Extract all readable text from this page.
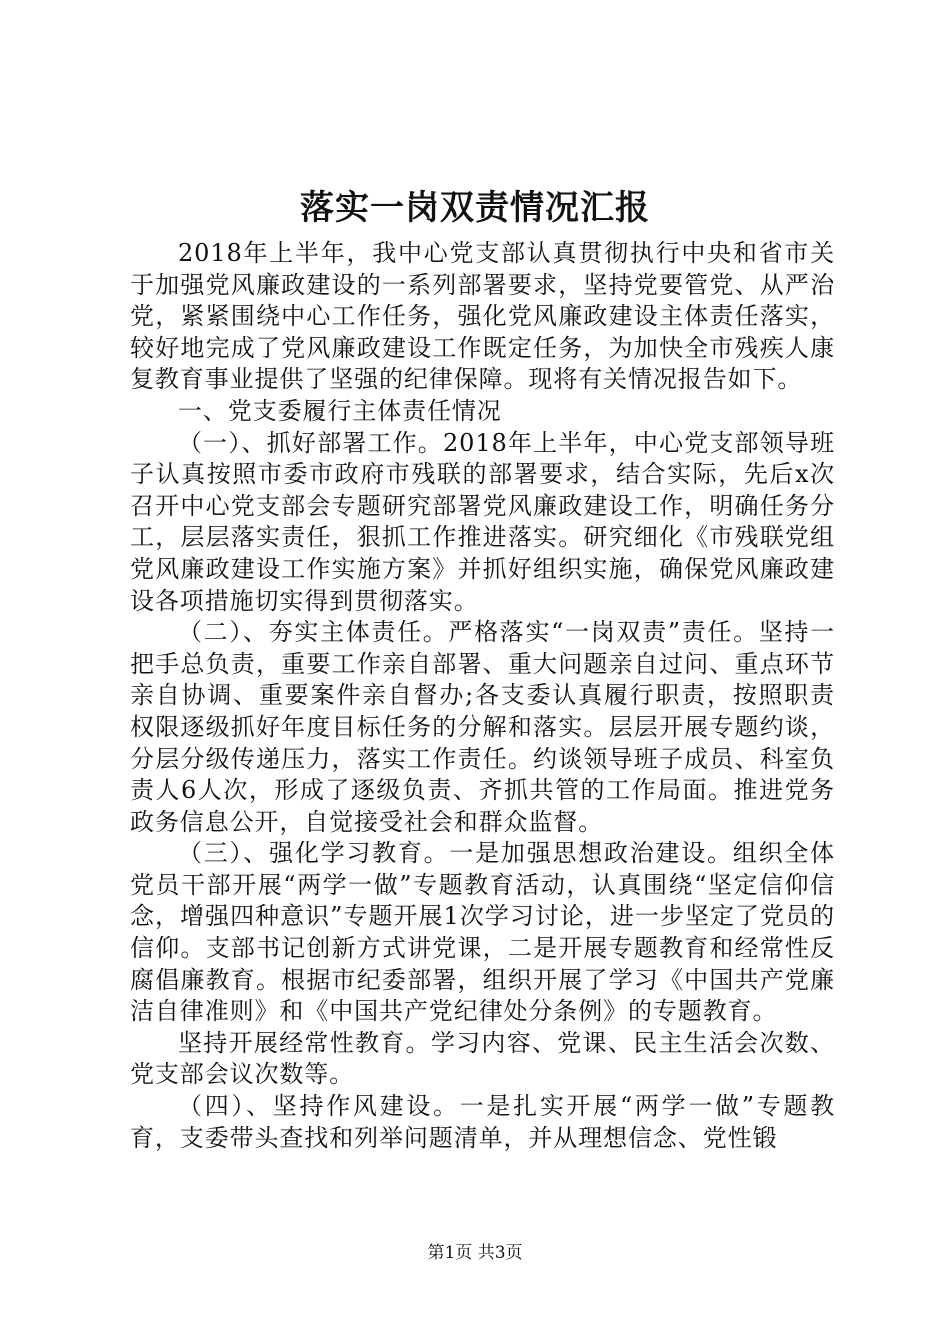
落实一岗双责情况汇报

2018年上半年，我中心党支部认真贯彻执行中央和省市关于加强党风廉政建设的一系列部署要求，坚持党要管党、从严治党，紧紧围绕中心工作任务，强化党风廉政建设主体责任落实，较好地完成了党风廉政建设工作既定任务，为加快全市残疾人康复教育事业提供了坚强的纪律保障。现将有关情况报告如下。

一、党支委履行主体责任情况

（一）、抓好部署工作。2018年上半年，中心党支部领导班子认真按照市委市政府市残联的部署要求，结合实际，先后x次召开中心党支部会专题研究部署党风廉政建设工作，明确任务分工，层层落实责任，狠抓工作推进落实。研究细化《市残联党组党风廉政建设工作实施方案》并抓好组织实施，确保党风廉政建设各项措施切实得到贯彻落实。

（二）、夯实主体责任。严格落实“一岗双责”责任。坚持一把手总负责，重要工作亲自部署、重大问题亲自过问、重点环节亲自协调、重要案件亲自督办;各支委认真履行职责，按照职责权限逐级抓好年度目标任务的分解和落实。层层开展专题约谈，分层分级传递压力，落实工作责任。约谈领导班子成员、科室负责人6人次，形成了逐级负责、齐抓共管的工作局面。推进党务政务信息公开，自觉接受社会和群众监督。

（三）、强化学习教育。一是加强思想政治建设。组织全体党员干部开展“两学一做”专题教育活动，认真围绕“坚定信仰信念，增强四种意识”专题开展1次学习讨论，进一步坚定了党员的信仰。支部书记创新方式讲党课，二是开展专题教育和经常性反腐倡廉教育。根据市纪委部署，组织开展了学习《中国共产党廉洁自律准则》和《中国共产党纪律处分条例》的专题教育。

坚持开展经常性教育。学习内容、党课、民主生活会次数、党支部会议次数等。

（四）、坚持作风建设。一是扎实开展“两学一做”专题教育，支委带头查找和列举问题清单，并从理想信念、党性锻

第1页 共3页
